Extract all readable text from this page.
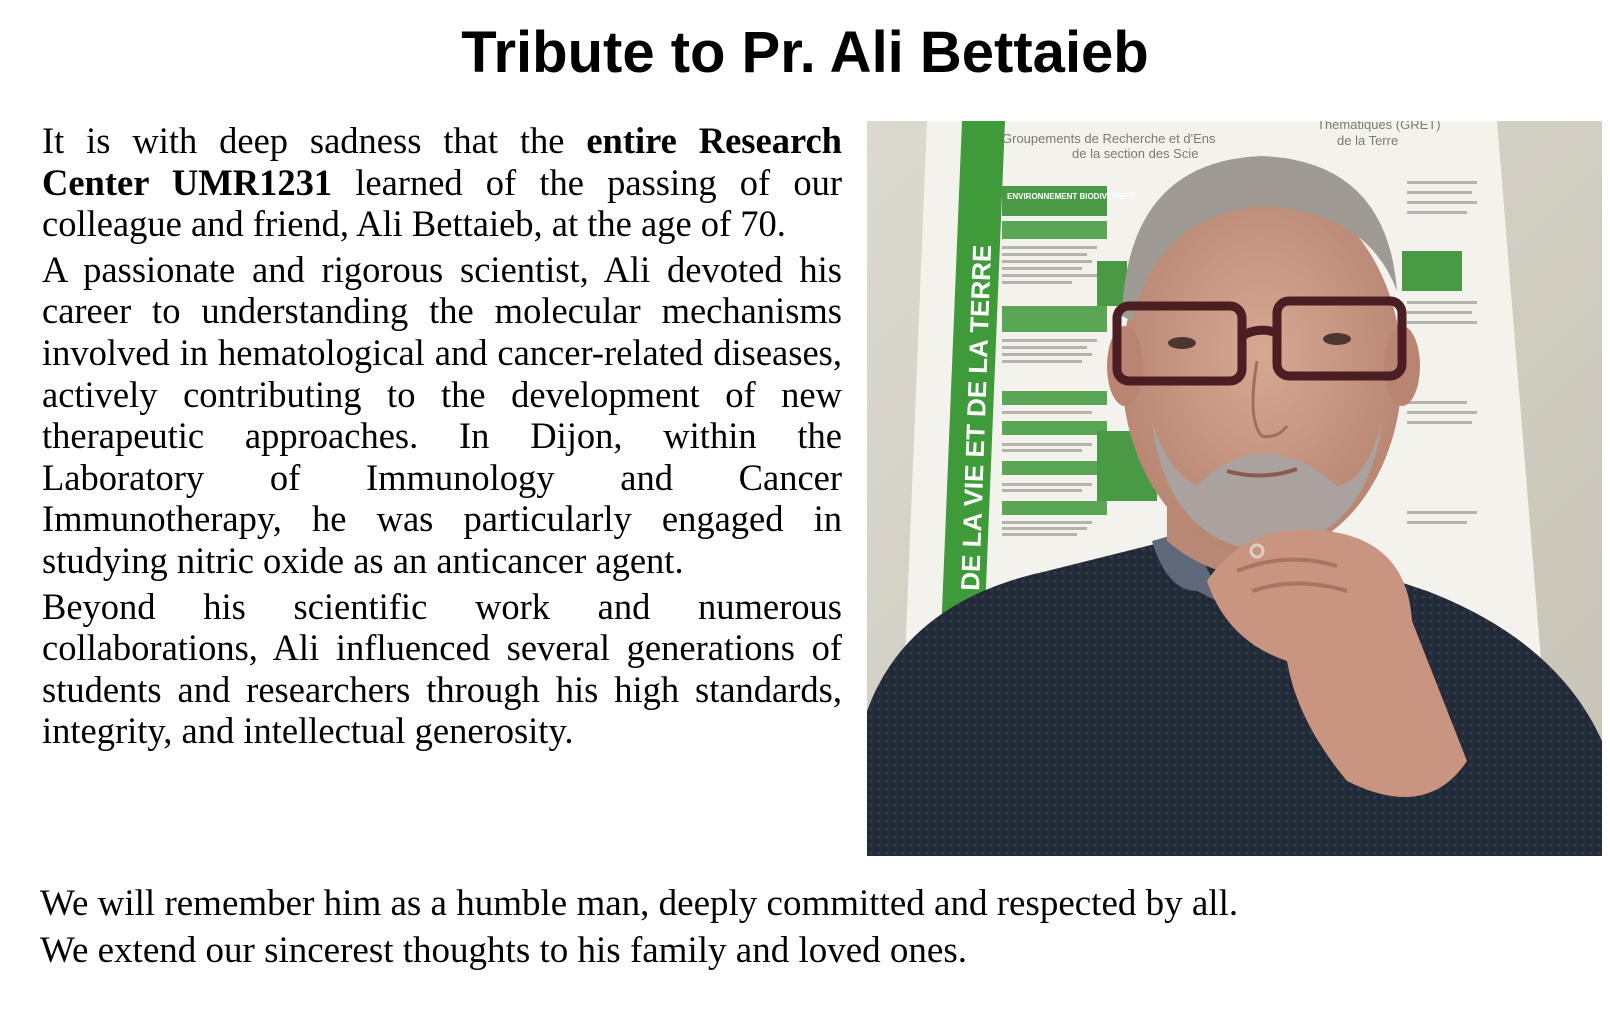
Tribute to Pr. Ali Bettaieb

It is with deep sadness that the entire Research Center UMR1231 learned of the passing of our colleague and friend, Ali Bettaieb, at the age of 70.

A passionate and rigorous scientist, Ali devoted his career to understanding the molecular mechanisms involved in hematological and cancer-related diseases, actively contributing to the development of new therapeutic approaches. In Dijon, within the Laboratory of Immunology and Cancer Immunotherapy, he was particularly engaged in studying nitric oxide as an anticancer agent.

Beyond his scientific work and numerous collaborations, Ali influenced several generations of students and researchers through his high standards, integrity, and intellectual generosity.

DE LA VIE ET DE LA TERRE
Groupements de Recherche et d'Ens
de la section des Scie
Thématiques (GRET)
de la Terre
ENVIRONNEMENT BIODIVERSITÉ
We will remember him as a humble man, deeply committed and respected by all.
We extend our sincerest thoughts to his family and loved ones.
